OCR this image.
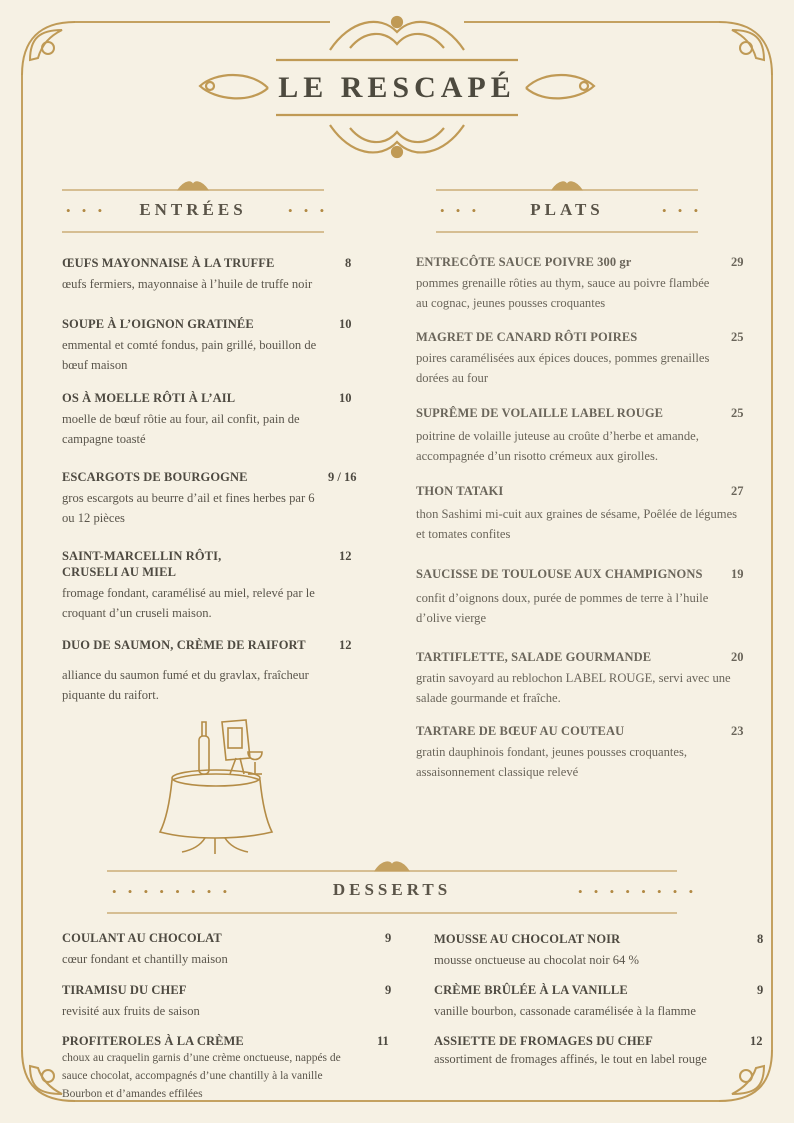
LE RESCAPÉ
• • •	ENTRÉES	• • •	• • •	PLATS	• • •
• • • • • • • •	DESSERTS	• • • • • • • •
ŒUFS MAYONNAISE À LA TRUFFE
œufs fermiers, mayonnaise à l’huile de truffe noir
8
SOUPE À L’OIGNON GRATINÉE
emmental et comté fondus, pain grillé, bouillon de bœuf maison
10
OS À MOELLE RÔTI À L’AIL
moelle de bœuf rôtie au four, ail confit, pain de campagne toasté
10
ESCARGOTS DE BOURGOGNE
gros escargots au beurre d’ail et fines herbes par 6 ou 12 pièces
9 / 16
SAINT-MARCELLIN RÔTI, CRUSELI AU MIEL
fromage fondant, caramélisé au miel, relevé par le croquant d’un cruseli maison.
12
DUO DE SAUMON, CRÈME DE RAIFORT
alliance du saumon fumé et du gravlax, fraîcheur piquante du raifort.
12
ENTRECÔTE SAUCE POIVRE 300 gr
pommes grenaille rôties au thym, sauce au poivre flambée au cognac, jeunes pousses croquantes
29
MAGRET DE CANARD RÔTI POIRES
poires caramélisées aux épices douces, pommes grenailles dorées au four
25
SUPRÊME DE VOLAILLE LABEL ROUGE
poitrine de volaille juteuse au croûte d’herbe et amande, accompagnée d’un risotto crémeux aux girolles.
25
THON TATAKI
thon Sashimi mi-cuit aux graines de sésame, Poêlée de légumes et tomates confites
27
SAUCISSE DE TOULOUSE AUX CHAMPIGNONS
confit d’oignons doux, purée de pommes de terre à l’huile d’olive vierge
19
TARTIFLETTE, SALADE GOURMANDE
gratin savoyard au reblochon LABEL ROUGE, servi avec une salade gourmande et fraîche.
20
TARTARE DE BŒUF AU COUTEAU
gratin dauphinois fondant, jeunes pousses croquantes, assaisonnement classique relevé
23
COULANT AU CHOCOLAT
cœur fondant et chantilly maison
9
TIRAMISU DU CHEF
revisité aux fruits de saison
9
PROFITEROLES À LA CRÈME
choux au craquelin garnis d’une crème onctueuse, nappés de sauce chocolat, accompagnés d’une chantilly à la vanille Bourbon et d’amandes effilées
11
MOUSSE AU CHOCOLAT NOIR
mousse onctueuse au chocolat noir 64 %
8
CRÈME BRÛLÉE À LA VANILLE
vanille bourbon, cassonade caramélisée à la flamme
9
ASSIETTE DE FROMAGES DU CHEF
assortiment de fromages affinés, le tout en label rouge
12
